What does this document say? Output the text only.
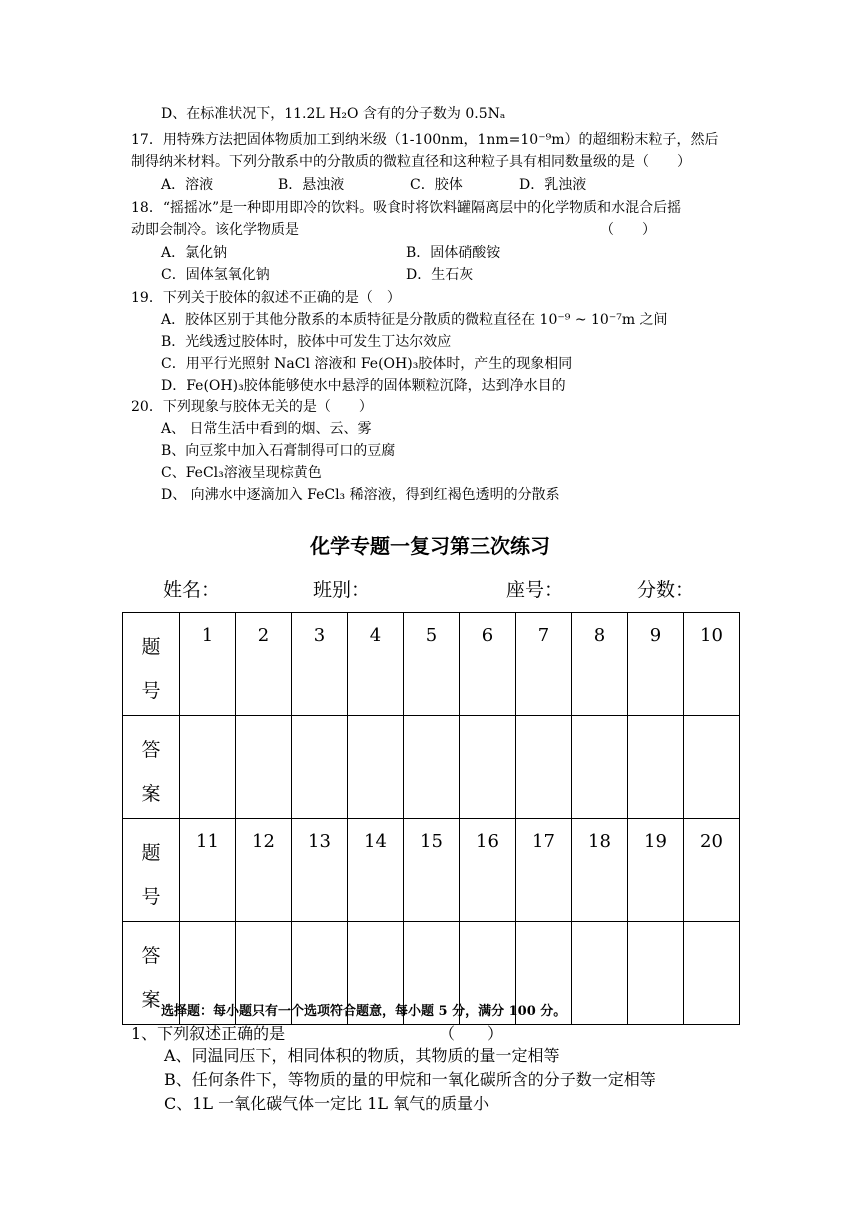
D、在标准状况下，11.2L H₂O 含有的分子数为 0.5Nₐ
17．用特殊方法把固体物质加工到纳米级（1-100nm，1nm=10⁻⁹m）的超细粉末粒子，然后
制得纳米材料。下列分散系中的分散质的微粒直径和这种粒子具有相同数量级的是（　　）
A．溶液	B．悬浊液	C．胶体	D．乳浊液
18．“摇摇冰”是一种即用即冷的饮料。吸食时将饮料罐隔离层中的化学物质和水混合后摇
动即会制冷。该化学物质是	（　　）
A．氯化钠	B．固体硝酸铵
C．固体氢氧化钠	D．生石灰
19．下列关于胶体的叙述不正确的是（　）
A．胶体区别于其他分散系的本质特征是分散质的微粒直径在 10⁻⁹ ~ 10⁻⁷m 之间
B．光线透过胶体时，胶体中可发生丁达尔效应
C．用平行光照射 NaCl 溶液和 Fe(OH)₃胶体时，产生的现象相同
D．Fe(OH)₃胶体能够使水中悬浮的固体颗粒沉降，达到净水目的
20．下列现象与胶体无关的是（　　）
A、 日常生活中看到的烟、云、雾
B、向豆浆中加入石膏制得可口的豆腐
C、FeCl₃溶液呈现棕黄色
D、 向沸水中逐滴加入 FeCl₃ 稀溶液，得到红褐色透明的分散系
化学专题一复习第三次练习
姓名：	班别：	座号：	分数：
题
号	1	2	3	4	5	6	7	8	9	10

答
案										

题
号	11	12	13	14	15	16	17	18	19	20

答
案										

选择题：每小题只有一个选项符合题意，每小题 5 分，满分 100 分。
1、下列叙述正确的是	（　　）
A、同温同压下，相同体积的物质，其物质的量一定相等
B、任何条件下，等物质的量的甲烷和一氧化碳所含的分子数一定相等
C、1L 一氧化碳气体一定比 1L 氧气的质量小
